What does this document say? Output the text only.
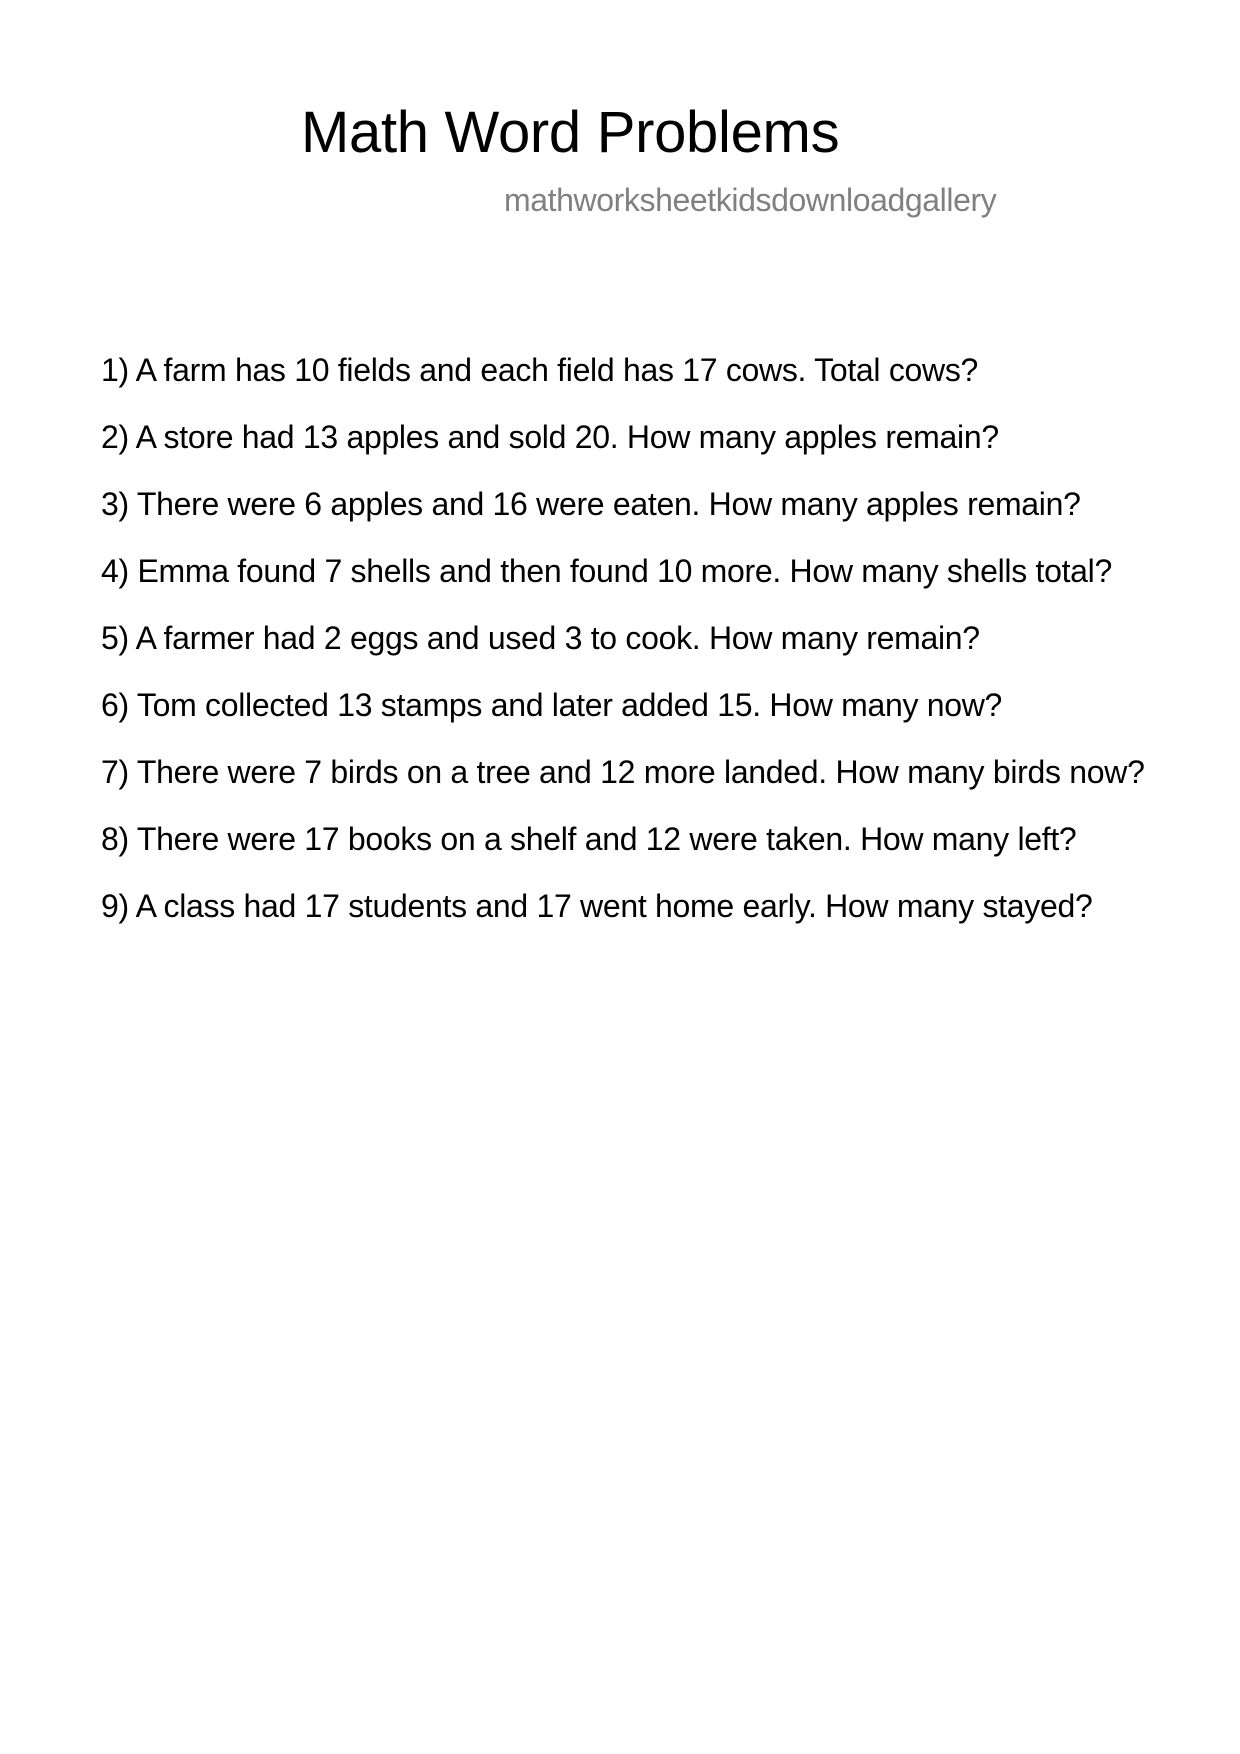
Math Word Problems
mathworksheetkidsdownloadgallery
1) A farm has 10 fields and each field has 17 cows. Total cows?
2) A store had 13 apples and sold 20. How many apples remain?
3) There were 6 apples and 16 were eaten. How many apples remain?
4) Emma found 7 shells and then found 10 more. How many shells total?
5) A farmer had 2 eggs and used 3 to cook. How many remain?
6) Tom collected 13 stamps and later added 15. How many now?
7) There were 7 birds on a tree and 12 more landed. How many birds now?
8) There were 17 books on a shelf and 12 were taken. How many left?
9) A class had 17 students and 17 went home early. How many stayed?
